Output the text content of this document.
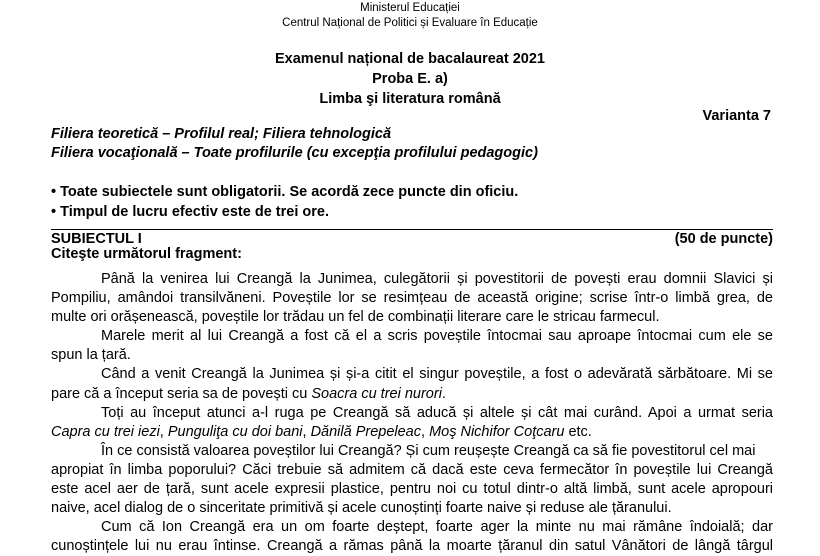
Ministerul Educației
Centrul Național de Politici și Evaluare în Educație
Examenul național de bacalaureat 2021
Proba E. a)
Limba şi literatura română
Varianta 7
Filiera teoretică – Profilul real; Filiera tehnologică
Filiera vocaţională – Toate profilurile (cu excepţia profilului pedagogic)
• Toate subiectele sunt obligatorii. Se acordă zece puncte din oficiu.
• Timpul de lucru efectiv este de trei ore.
SUBIECTUL I	(50 de puncte)
Citeşte următorul fragment:
Până la venirea lui Creangă la Junimea, culegătorii și povestitorii de povești erau domnii Slavici și
Pompiliu, amândoi transilvăneni. Poveștile lor se resimțeau de această origine; scrise într-o limbă grea, de
multe ori orășenească, poveștile lor trădau un fel de combinații literare care le stricau farmecul.
Marele merit al lui Creangă a fost că el a scris poveștile întocmai sau aproape întocmai cum ele se
spun la țară.
Când a venit Creangă la Junimea și și-a citit el singur poveștile, a fost o adevărată sărbătoare. Mi se
pare că a început seria sa de povești cu Soacra cu trei nurori.
Toți au început atunci a-l ruga pe Creangă să aducă și altele și cât mai curând. Apoi a urmat seria
Capra cu trei iezi, Punguliţa cu doi bani, Dănilă Prepeleac, Moş Nichifor Coţcaru etc.
În ce consistă valoarea poveștilor lui Creangă? Și cum reușește Creangă ca să fie povestitorul cel mai
apropiat în limba poporului? Căci trebuie să admitem că dacă este ceva fermecător în poveștile lui Creangă
este acel aer de țară, sunt acele expresii plastice, pentru noi cu totul dintr-o altă limbă, sunt acele apropouri
naive, acel dialog de o sinceritate primitivă și acele cunoștinți foarte naive și reduse ale țăranului.
Cum că Ion Creangă era un om foarte deștept, foarte ager la minte nu mai rămâne îndoială; dar
cunoștințele lui nu erau întinse. Creangă a rămas până la moarte țăranul din satul Vânători de lângă târgul
